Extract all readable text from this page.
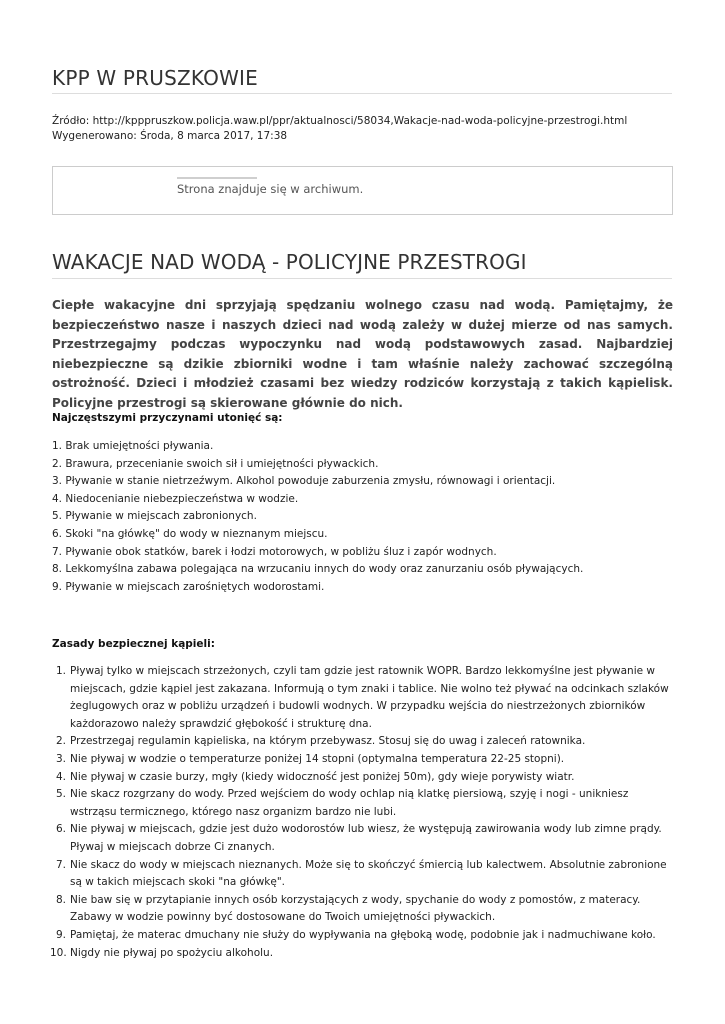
KPP W PRUSZKOWIE
Źródło: http://kpppruszkow.policja.waw.pl/ppr/aktualnosci/58034,Wakacje-nad-woda-policyjne-przestrogi.html
Wygenerowano: Środa, 8 marca 2017, 17:38
Strona znajduje się w archiwum.
WAKACJE NAD WODĄ - POLICYJNE PRZESTROGI

Ciepłe wakacyjne dni sprzyjają spędzaniu wolnego czasu nad wodą. Pamiętajmy, że bezpieczeństwo nasze i naszych dzieci nad wodą zależy w dużej mierze od nas samych. Przestrzegajmy podczas wypoczynku nad wodą podstawowych zasad. Najbardziej niebezpieczne są dzikie zbiorniki wodne i tam właśnie należy zachować szczególną ostrożność. Dzieci i młodzież czasami bez wiedzy rodziców korzystają z takich kąpielisk. Policyjne przestrogi są skierowane głównie do nich.

Najczęstszymi przyczynami utonięć są:
1. Brak umiejętności pływania.
2. Brawura, przecenianie swoich sił i umiejętności pływackich.
3. Pływanie w stanie nietrzeźwym. Alkohol powoduje zaburzenia zmysłu, równowagi i orientacji.
4. Niedocenianie niebezpieczeństwa w wodzie.
5. Pływanie w miejscach zabronionych.
6. Skoki "na główkę" do wody w nieznanym miejscu.
7. Pływanie obok statków, barek i łodzi motorowych, w pobliżu śluz i zapór wodnych.
8. Lekkomyślna zabawa polegająca na wrzucaniu innych do wody oraz zanurzaniu osób pływających.
9. Pływanie w miejscach zarośniętych wodorostami.
Zasady bezpiecznej kąpieli:
1. Pływaj tylko w miejscach strzeżonych, czyli tam gdzie jest ratownik WOPR. Bardzo lekkomyślne jest pływanie w miejscach, gdzie kąpiel jest zakazana. Informują o tym znaki i tablice. Nie wolno też pływać na odcinkach szlaków żeglugowych oraz w pobliżu urządzeń i budowli wodnych. W przypadku wejścia do niestrzeżonych zbiorników każdorazowo należy sprawdzić głębokość i strukturę dna.
2. Przestrzegaj regulamin kąpieliska, na którym przebywasz. Stosuj się do uwag i zaleceń ratownika.
3. Nie pływaj w wodzie o temperaturze poniżej 14 stopni (optymalna temperatura 22-25 stopni).
4. Nie pływaj w czasie burzy, mgły (kiedy widoczność jest poniżej 50m), gdy wieje porywisty wiatr.
5. Nie skacz rozgrzany do wody. Przed wejściem do wody ochlap nią klatkę piersiową, szyję i nogi - unikniesz wstrząsu termicznego, którego nasz organizm bardzo nie lubi.
6. Nie pływaj w miejscach, gdzie jest dużo wodorostów lub wiesz, że występują zawirowania wody lub zimne prądy. Pływaj w miejscach dobrze Ci znanych.
7. Nie skacz do wody w miejscach nieznanych. Może się to skończyć śmiercią lub kalectwem. Absolutnie zabronione są w takich miejscach skoki "na główkę".
8. Nie baw się w przytapianie innych osób korzystających z wody, spychanie do wody z pomostów, z materacy. Zabawy w wodzie powinny być dostosowane do Twoich umiejętności pływackich.
9. Pamiętaj, że materac dmuchany nie służy do wypływania na głęboką wodę, podobnie jak i nadmuchiwane koło.
10. Nigdy nie pływaj po spożyciu alkoholu.
